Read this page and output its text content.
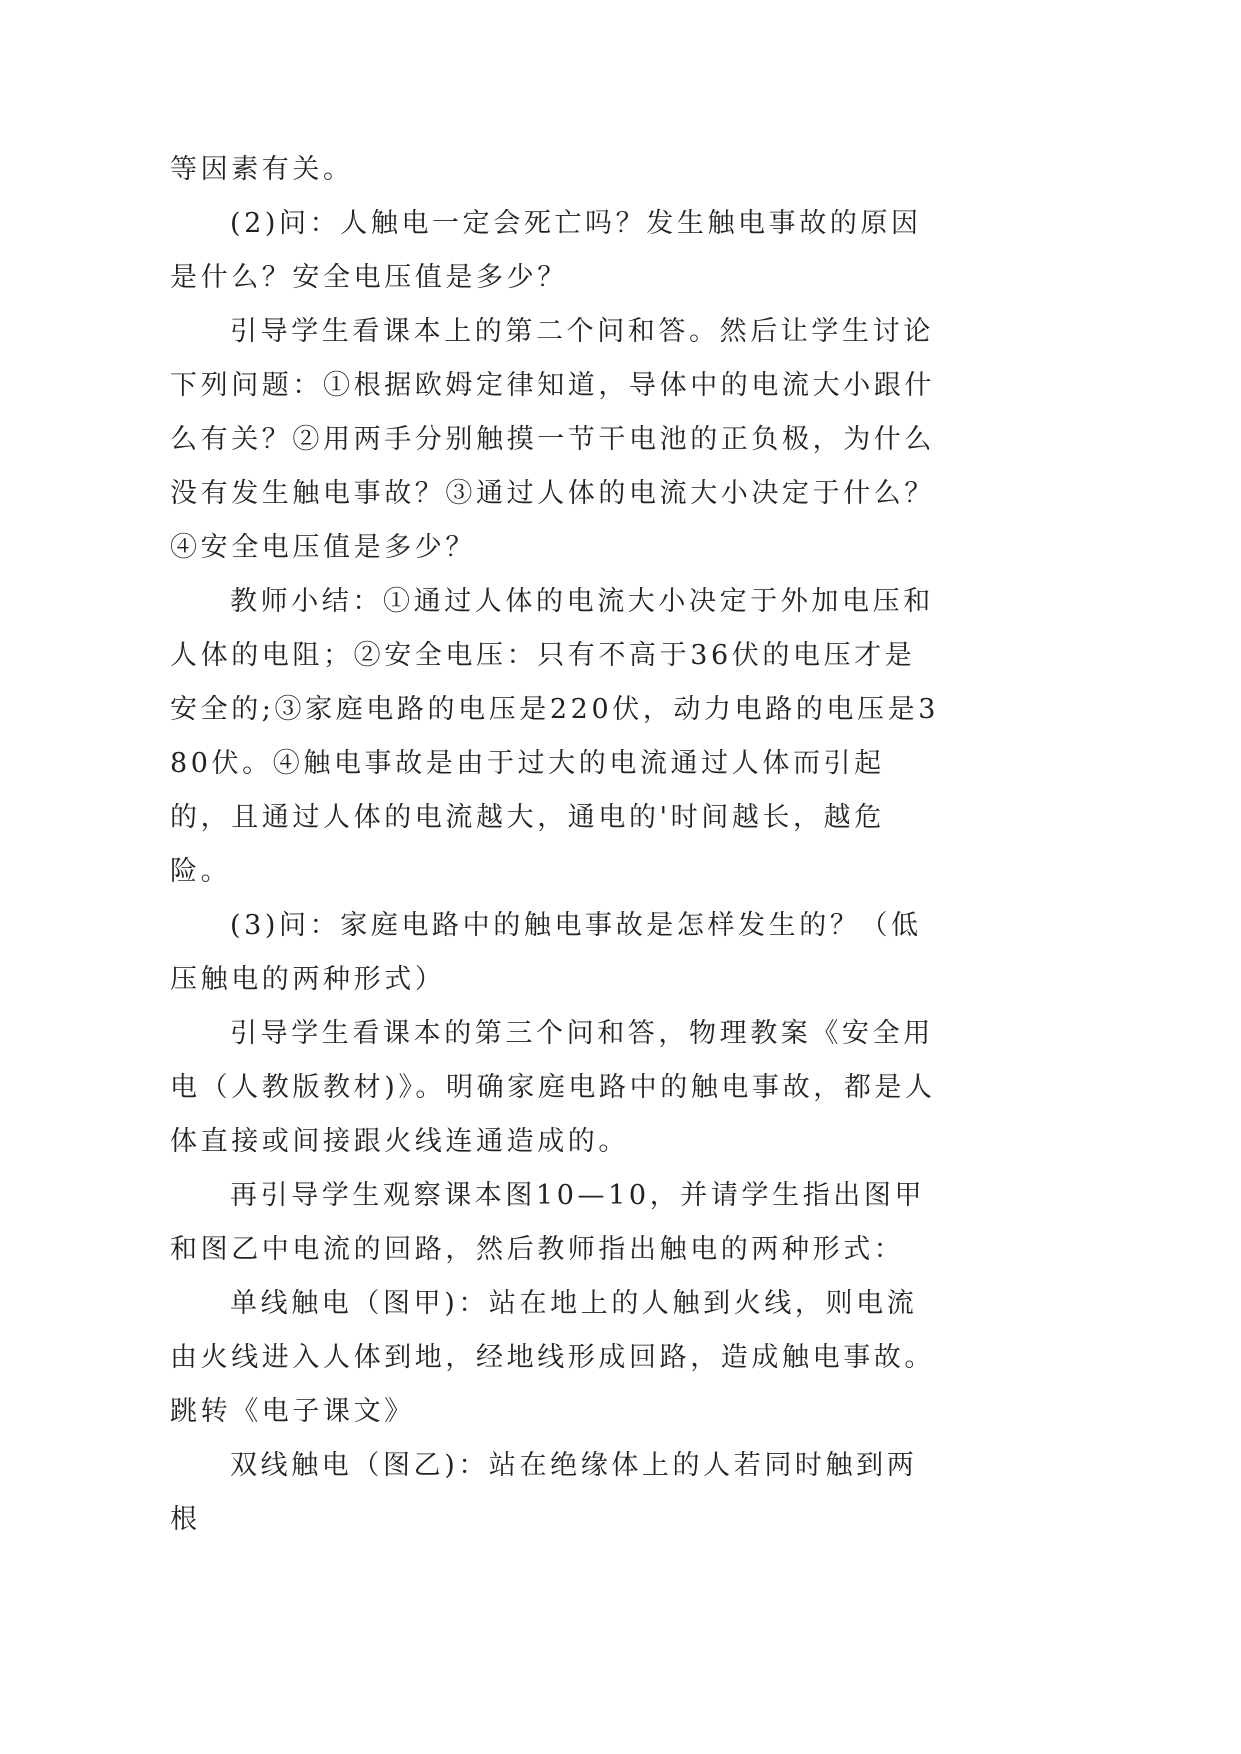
等因素有关。

(2)问：人触电一定会死亡吗？发生触电事故的原因是什么？安全电压值是多少？

引导学生看课本上的第二个问和答。然后让学生讨论下列问题：①根据欧姆定律知道，导体中的电流大小跟什么有关？②用两手分别触摸一节干电池的正负极，为什么没有发生触电事故？③通过人体的电流大小决定于什么？④安全电压值是多少？

教师小结：①通过人体的电流大小决定于外加电压和人体的电阻；②安全电压：只有不高于36伏的电压才是安全的;③家庭电路的电压是220伏，动力电路的电压是380伏。④触电事故是由于过大的电流通过人体而引起的，且通过人体的电流越大，通电的'时间越长，越危险。

(3)问：家庭电路中的触电事故是怎样发生的？（低压触电的两种形式）

引导学生看课本的第三个问和答，物理教案《安全用电（人教版教材)》。明确家庭电路中的触电事故，都是人体直接或间接跟火线连通造成的。

再引导学生观察课本图10—10，并请学生指出图甲和图乙中电流的回路，然后教师指出触电的两种形式：

单线触电（图甲)：站在地上的人触到火线，则电流由火线进入人体到地，经地线形成回路，造成触电事故。跳转《电子课文》

双线触电（图乙)：站在绝缘体上的人若同时触到两根
